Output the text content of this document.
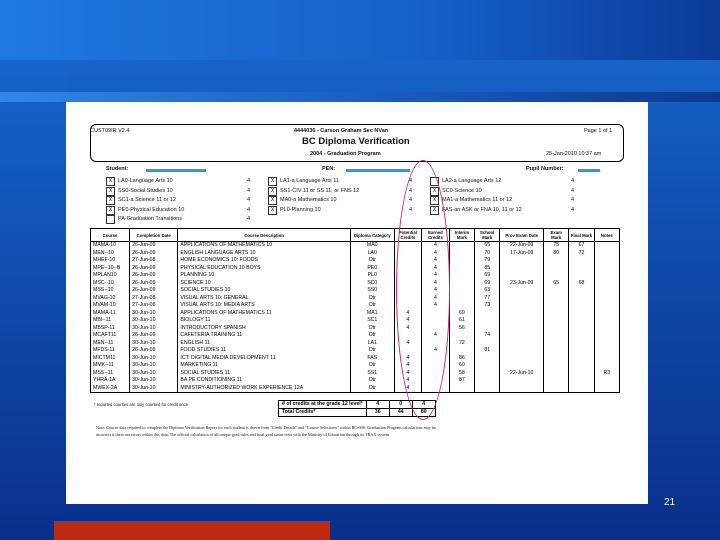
CUST09IR V2.4	4444036 - Carson Graham Sec NVan	Page 1 of 1
BC Diploma Verification
2004 - Graduation Program	25-Jan-2010 10:37 am
Student:	PEN:	Pupil Number:
X	LA0-Language Arts 10	4
X	SS0-Social Studies 10	4
X	SC1-a Science 11 or 12	4
X	PE0-Physical Education 10	4
PA-Graduation Transitions	4
X	LA1-a Language Arts 11	4
X	SS1-CIV 11 or SS 11, or FNS 12	4
X	MA0-a Mathematics 10	4
X	PL0-Planning 10	4
LA2-a Language Arts 12	4
X	SC0-Science 10	4
X	MA1-a Mathematics 11 or 12	4
X	FAS-an ASK or FNA 10, 11 or 12	4
Course	Completion Date	Course Description	Diploma Category	Potential Credits	Earned Credits	Interim Mark	School Mark	Prov Exam Date	Exam Mark	Final Mark	Notes
MAMA-10	26-Jun-09	APPLICATIONS OF MATHEMATICS 10	MA0		4		65	22-Jun-09	75	67	
MEN--10	26-Jun-09	ENGLISH LANGUAGE ARTS 10	LA0		4		70	17-Jun-09	80	72	
MHEF-10	27-Jun-08	HOME ECONOMICS 10: FOODS	Otr		4		79				
MPE--10--B	26-Jun-09	PHYSICAL EDUCATION 10 BOYS	PE0		4		85				
MPLAN10	26-Jun-09	PLANNING 10	PL0		4		69				
MSC--10	26-Jun-09	SCIENCE 10	SC0		4		69	23-Jun-09	65	68	
MSS--10	26-Jun-09	SOCIAL STUDIES 10	SS0		4		63				
MVAG-10	27-Jun-08	VISUAL ARTS 10: GENERAL	Otr		4		77				
MVAM-10	27-Jun-08	VISUAL ARTS 10: MEDIA ARTS	Otr		4		73				
MAMA-11	30-Jun-10	APPLICATIONS OF MATHEMATICS 11	MA1	4		69					
MBI--11	30-Jun-10	BIOLOGY 11	SC1	4		61					
MBSP-11	30-Jun-10	INTRODUCTORY SPANISH	Otr	4		56					
MCAFT11	26-Jun-09	CAFETERIA TRAINING 11	Otr		4		74				
MEN--11	30-Jun-10	ENGLISH 11	LA1	4		72					
MFDS-11	26-Jun-09	FOOD STUDIES 11	Otr		4		81				
MICTM11	30-Jun-10	ICT: DIGITAL MEDIA DEVELOPMENT 11	FAS	4		86					
MMK--11	30-Jun-10	MARKETING 11	Otr	4		60					
MSS--11	30-Jun-10	SOCIAL STUDIES 11	SS1	4		58		22-Jun-10			R3
YHRA-1A	30-Jun-10	BA PE CONDITIONING 11	Otr	4		87					
MWEX-2A	30-Jun-10	MINISTRY-AUTHORIZED WORK EXPERIENCE 12A	Otr	4							
* reported courses are only counted for credit once	# of credits at the grade 12 level*	4	0	4
Total Credits*	36	44	80
Note: Course data required to complete the Diploma Verification Report for each student is drawn from "Credit Details" and "Course Selections" within BCeSIS. Graduation Program calculations may be
incorrect if there are errors within this data. The official calculation of all unique grad rules and final grad status rests with the Ministry of Education through its TRAX system.
21
